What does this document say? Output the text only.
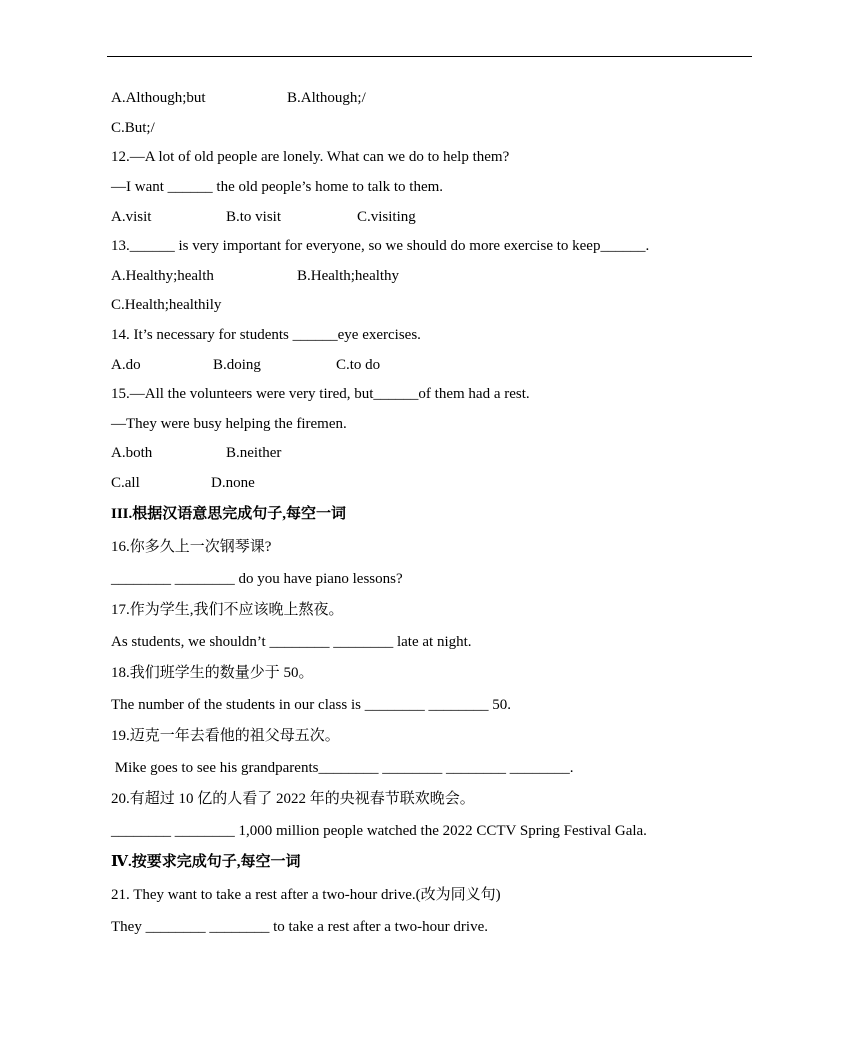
A.Although;but	B.Although;/
C.But;/
12.—A lot of old people are lonely. What can we do to help them?
—I want ______ the old people’s home to talk to them.
A.visit	B.to visit	C.visiting
13.______ is very important for everyone, so we should do more exercise to keep______.
A.Healthy;health	B.Health;healthy
C.Health;healthily
14. It’s necessary for students ______eye exercises.
A.do	B.doing	C.to do
15.—All the volunteers were very tired, but______of them had a rest.
—They were busy helping the firemen.
A.both	B.neither
C.all	D.none
III.根据汉语意思完成句子,每空一词
16.你多久上一次钢琴课?
________ ________ do you have piano lessons?
17.作为学生,我们不应该晚上熬夜。
As students, we shouldn’t ________ ________ late at night.
18.我们班学生的数量少于 50。
The number of the students in our class is ________ ________ 50.
19.迈克一年去看他的祖父母五次。
Mike goes to see his grandparents________ ________ ________ ________.
20.有超过 10 亿的人看了 2022 年的央视春节联欢晚会。
________ ________ 1,000 million people watched the 2022 CCTV Spring Festival Gala.
Ⅳ.按要求完成句子,每空一词
21. They want to take a rest after a two-hour drive.(改为同义句)
They ________ ________ to take a rest after a two-hour drive.
